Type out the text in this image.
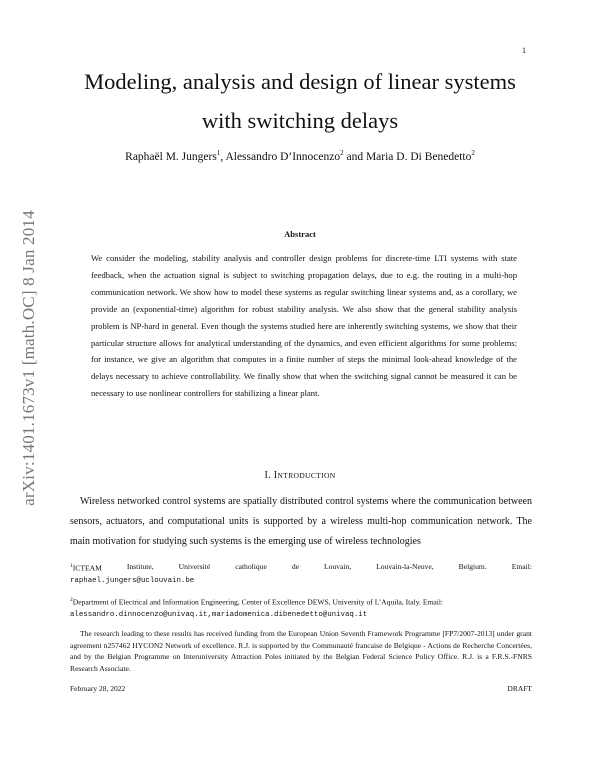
1
arXiv:1401.1673v1 [math.OC] 8 Jan 2014
Modeling, analysis and design of linear systems with switching delays
Raphaël M. Jungers$^1$, Alessandro D’Innocenzo$^2$ and Maria D. Di Benedetto$^2$
Abstract

We consider the modeling, stability analysis and controller design problems for discrete-time LTI systems with state feedback, when the actuation signal is subject to switching propagation delays, due to e.g. the routing in a multi-hop communication network. We show how to model these systems as regular switching linear systems and, as a corollary, we provide an (exponential-time) algorithm for robust stability analysis. We also show that the general stability analysis problem is NP-hard in general. Even though the systems studied here are inherently switching systems, we show that their particular structure allows for analytical understanding of the dynamics, and even efficient algorithms for some problems: for instance, we give an algorithm that computes in a finite number of steps the minimal look-ahead knowledge of the delays necessary to achieve controllability. We finally show that when the switching signal cannot be measured it can be necessary to use nonlinear controllers for stabilizing a linear plant.

I. INTRODUCTION

Wireless networked control systems are spatially distributed control systems where the communication between sensors, actuators, and computational units is supported by a wireless multi-hop communication network. The main motivation for studying such systems is the emerging use of wireless technologies

$^1$ICTEAM	Institute,	Université	catholique	de	Louvain,	Louvain-la-Neuve,	Belgium.	Email:

raphael.jungers@uclouvain.be

$^2$Department of Electrical and Information Engineering, Center of Excellence DEWS, University of L’Aquila, Italy. Email:

alessandro.dinnocenzo@univaq.it,mariadomenica.dibenedetto@univaq.it

The research leading to these results has received funding from the European Union Seventh Framework Programme [FP7/2007-2013] under grant agreement n257462 HYCON2 Network of excellence. R.J. is supported by the Communauté francaise de Belgique - Actions de Recherche Concertées, and by the Belgian Programme on Interuniversity Attraction Poles initiated by the Belgian Federal Science Policy Office. R.J. is a F.R.S.-FNRS Research Associate.

February 28, 2022	DRAFT
